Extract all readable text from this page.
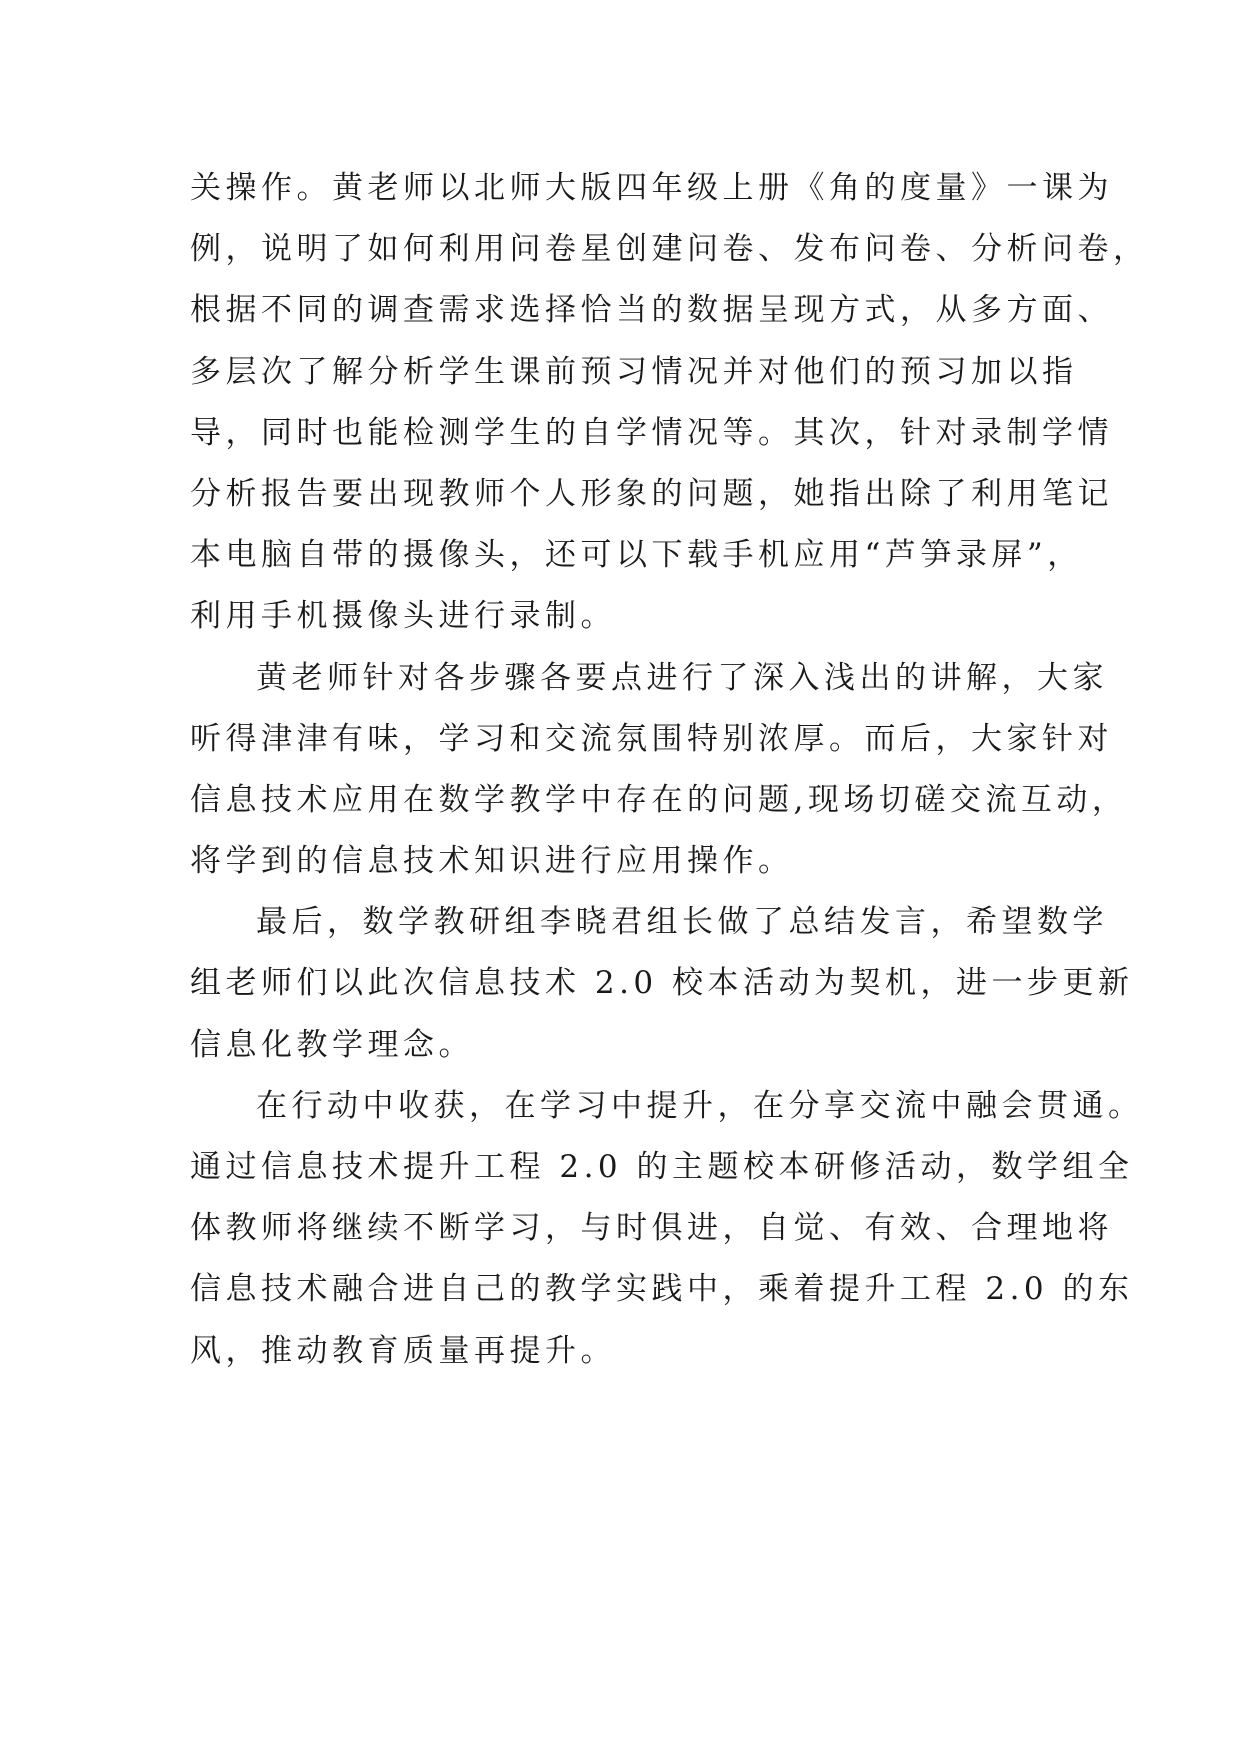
关操作。黄老师以北师大版四年级上册《角的度量》一课为
例，说明了如何利用问卷星创建问卷、发布问卷、分析问卷，
根据不同的调查需求选择恰当的数据呈现方式，从多方面、
多层次了解分析学生课前预习情况并对他们的预习加以指
导，同时也能检测学生的自学情况等。其次，针对录制学情
分析报告要出现教师个人形象的问题，她指出除了利用笔记
本电脑自带的摄像头，还可以下载手机应用“芦笋录屏”，
利用手机摄像头进行录制。
黄老师针对各步骤各要点进行了深入浅出的讲解，大家
听得津津有味，学习和交流氛围特别浓厚。而后，大家针对
信息技术应用在数学教学中存在的问题,现场切磋交流互动，
将学到的信息技术知识进行应用操作。
最后，数学教研组李晓君组长做了总结发言，希望数学
组老师们以此次信息技术 2.0 校本活动为契机，进一步更新
信息化教学理念。
在行动中收获，在学习中提升，在分享交流中融会贯通。
通过信息技术提升工程 2.0 的主题校本研修活动，数学组全
体教师将继续不断学习，与时俱进，自觉、有效、合理地将
信息技术融合进自己的教学实践中，乘着提升工程 2.0 的东
风，推动教育质量再提升。
